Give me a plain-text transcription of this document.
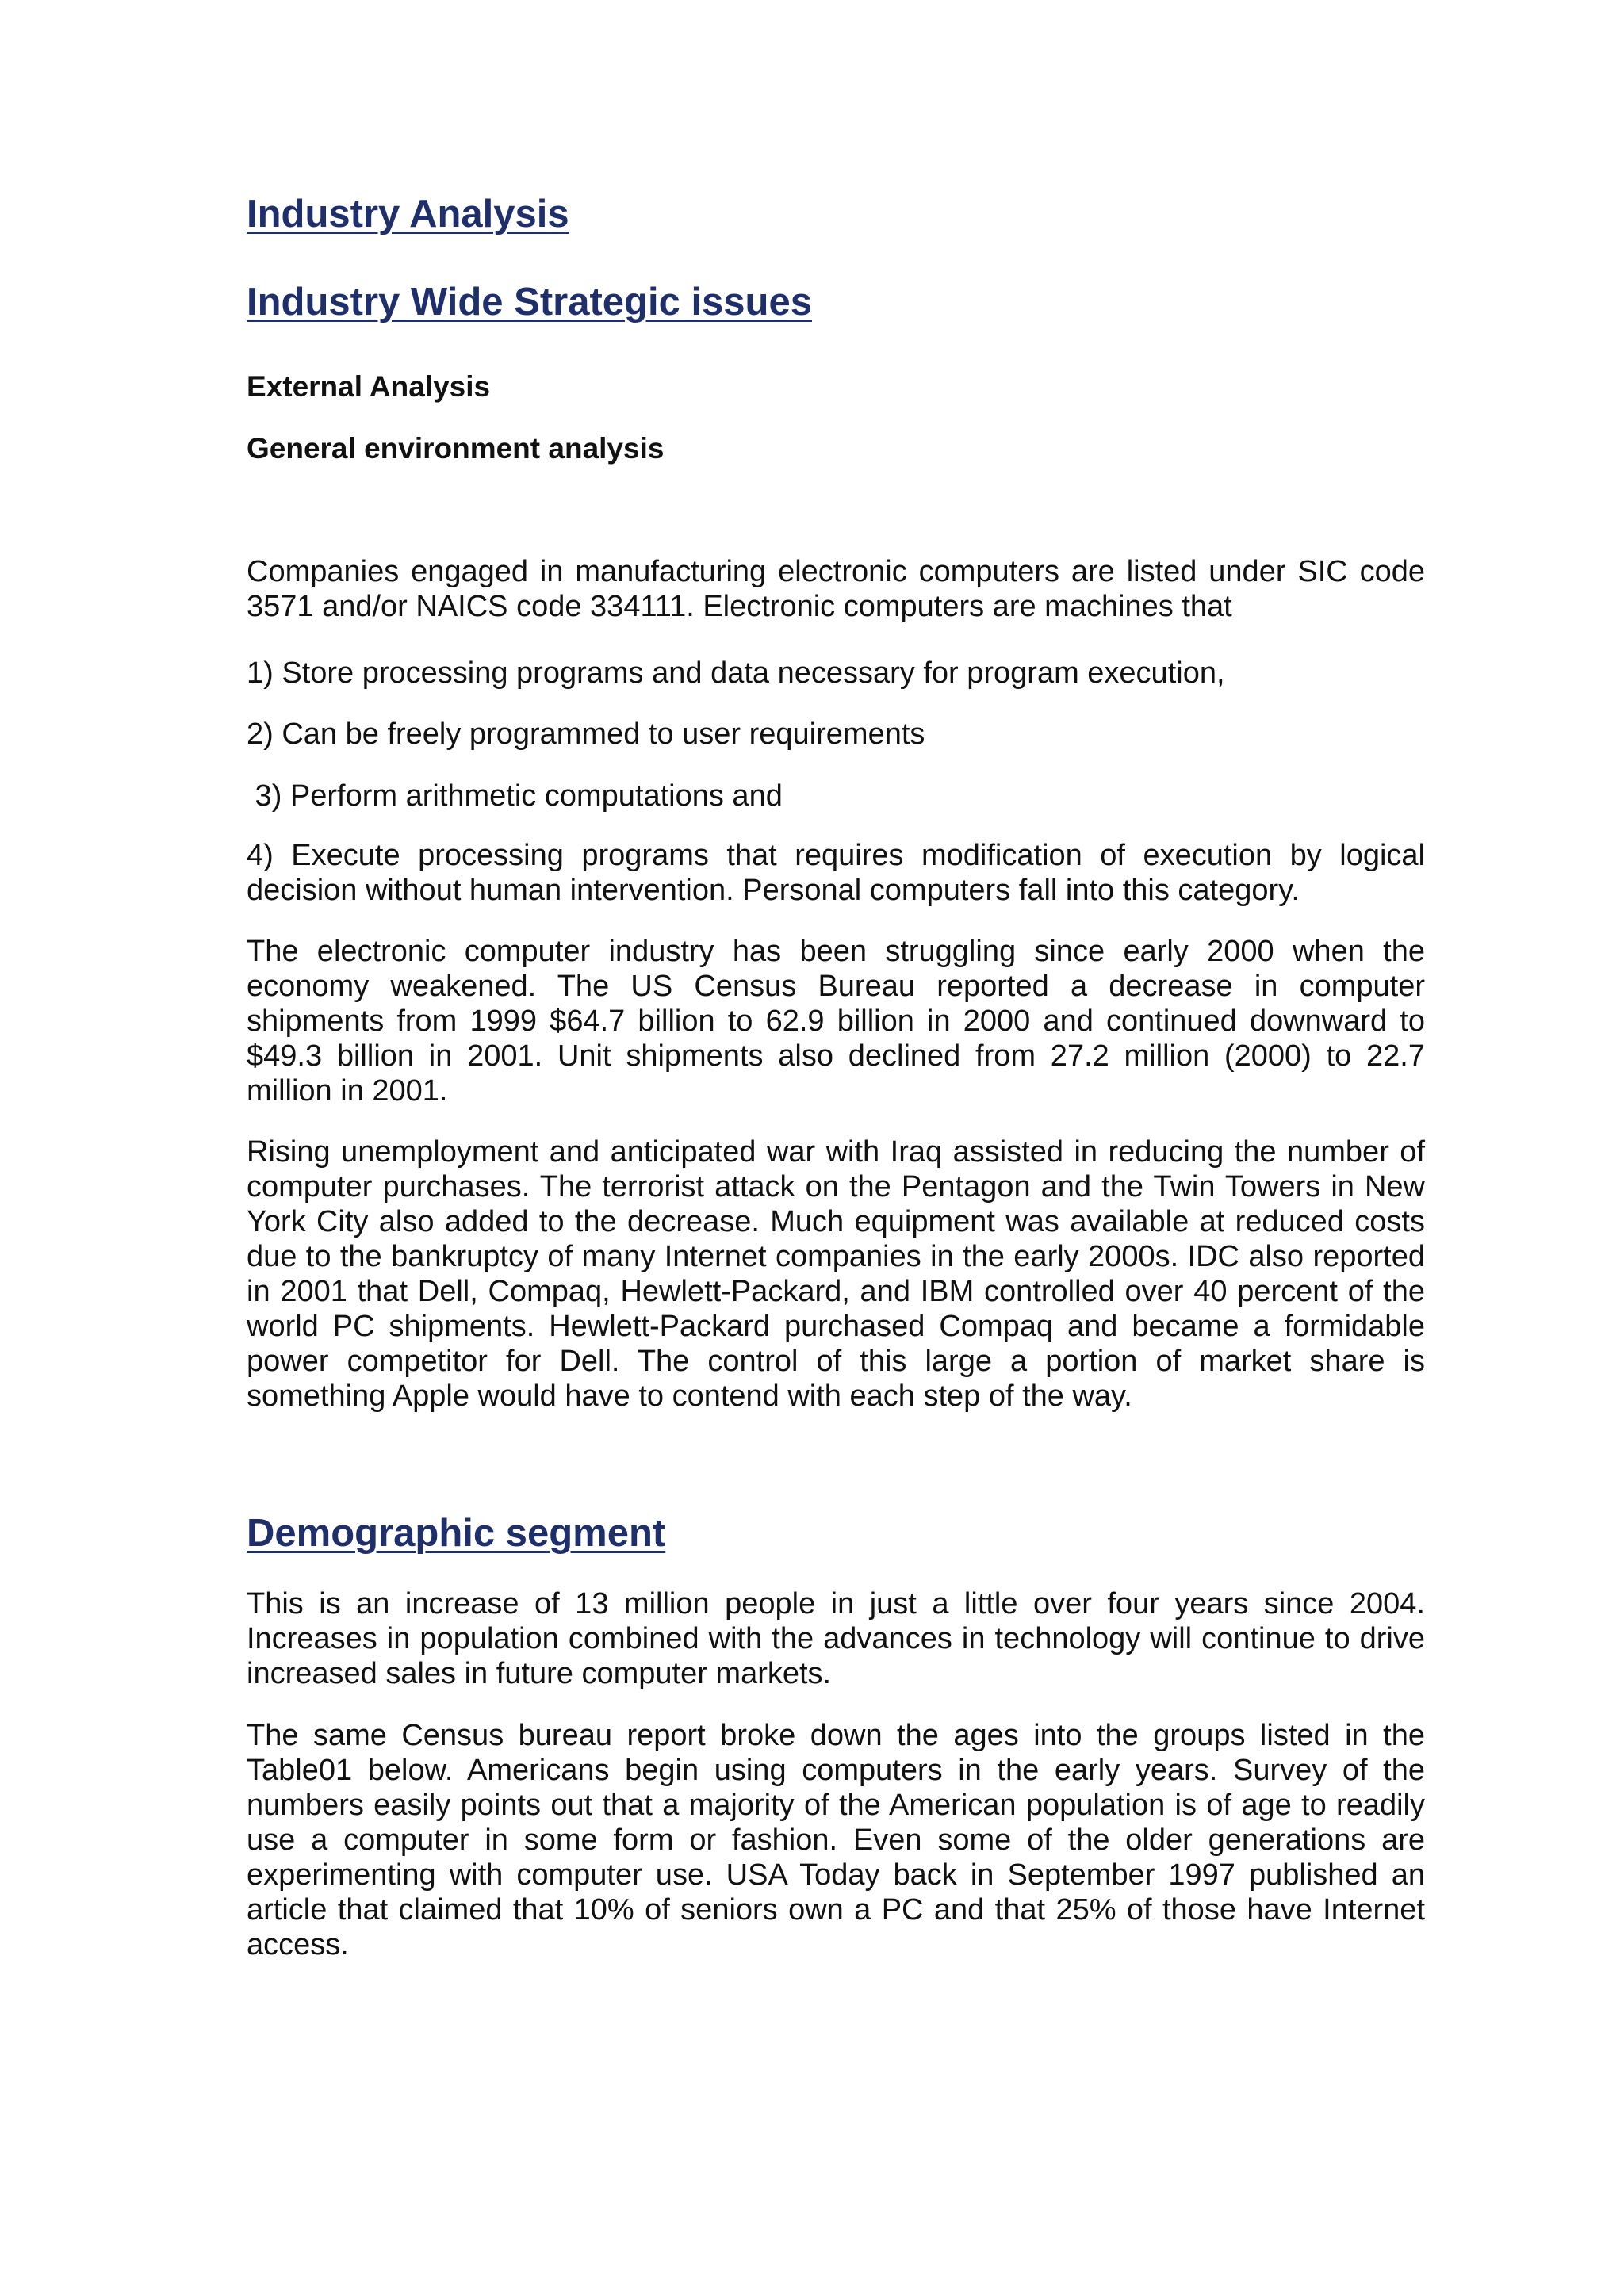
Industry Analysis
Industry Wide Strategic issues
External Analysis
General environment analysis

Companies engaged in manufacturing electronic computers are listed under SIC code 3571 and/or NAICS code 334111. Electronic computers are machines that

1) Store processing programs and data necessary for program execution,

2) Can be freely programmed to user requirements

3) Perform arithmetic computations and

4) Execute processing programs that requires modification of execution by logical decision without human intervention. Personal computers fall into this category.

The electronic computer industry has been struggling since early 2000 when the economy weakened. The US Census Bureau reported a decrease in computer shipments from 1999 $64.7 billion to 62.9 billion in 2000 and continued downward to $49.3 billion in 2001. Unit shipments also declined from 27.2 million (2000) to 22.7 million in 2001.

Rising unemployment and anticipated war with Iraq assisted in reducing the number of computer purchases. The terrorist attack on the Pentagon and the Twin Towers in New York City also added to the decrease. Much equipment was available at reduced costs due to the bankruptcy of many Internet companies in the early 2000s. IDC also reported in 2001 that Dell, Compaq, Hewlett-Packard, and IBM controlled over 40 percent of the world PC shipments. Hewlett-Packard purchased Compaq and became a formidable power competitor for Dell. The control of this large a portion of market share is something Apple would have to contend with each step of the way.

Demographic segment

This is an increase of 13 million people in just a little over four years since 2004. Increases in population combined with the advances in technology will continue to drive increased sales in future computer markets.

The same Census bureau report broke down the ages into the groups listed in the Table01 below. Americans begin using computers in the early years. Survey of the numbers easily points out that a majority of the American population is of age to readily use a computer in some form or fashion. Even some of the older generations are experimenting with computer use. USA Today back in September 1997 published an article that claimed that 10% of seniors own a PC and that 25% of those have Internet access.
